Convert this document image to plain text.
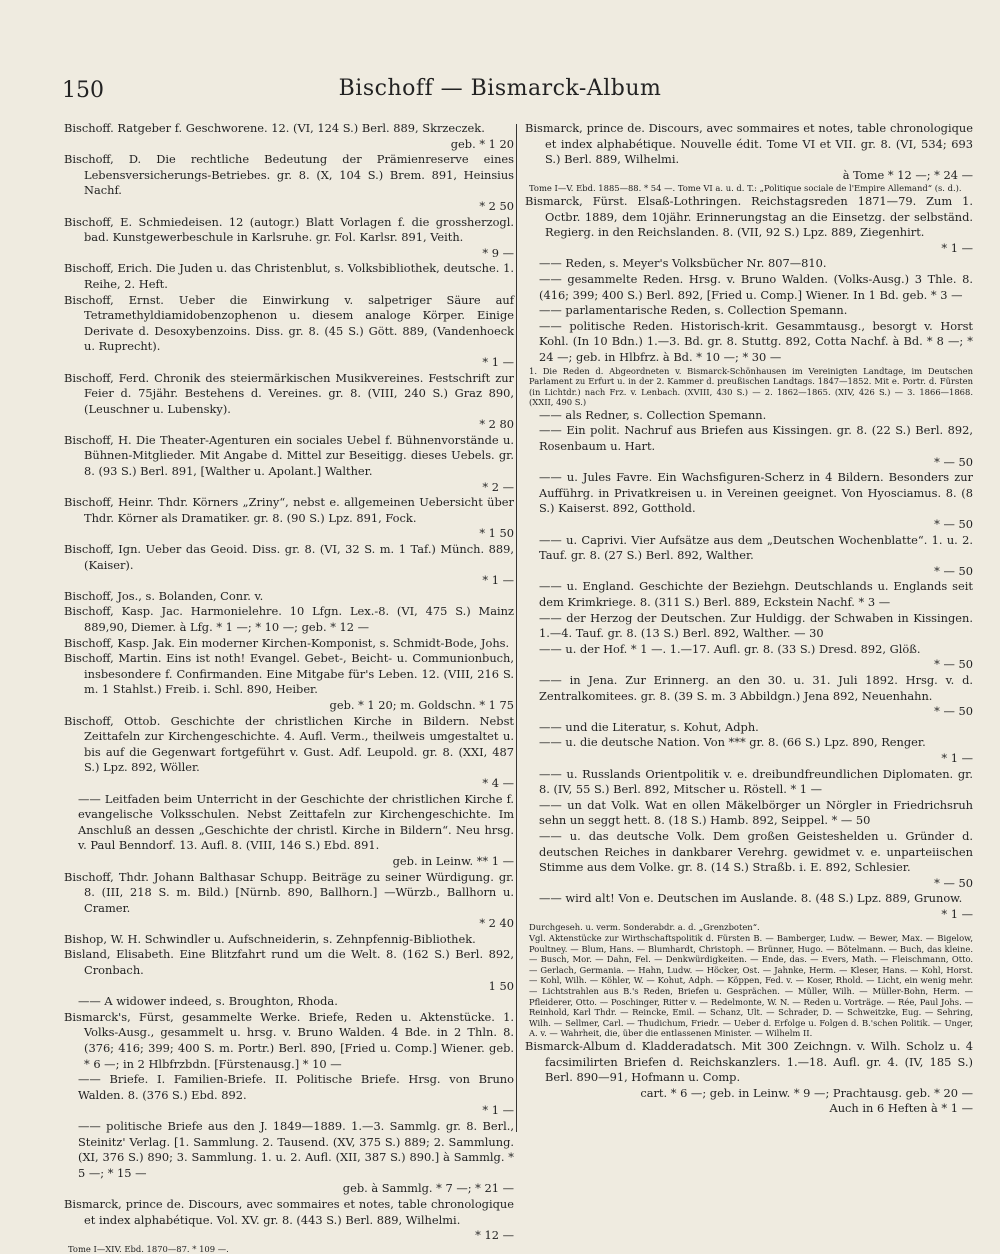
150	Bischoff — Bismarck-Album

Bischoff. Ratgeber f. Geschworene. 12. (VI, 124 S.) Berl. 889, Skrzeczek.
geb. * 1 20

Bischoff, D. Die rechtliche Bedeutung der Prämienreserve eines Lebensversicherungs-Betriebes. gr. 8. (X, 104 S.) Brem. 891, Heinsius Nachf.
* 2 50

Bischoff, E. Schmiedeisen. 12 (autogr.) Blatt Vorlagen f. die grossherzogl. bad. Kunstgewerbeschule in Karlsruhe. gr. Fol. Karlsr. 891, Veith.
* 9 —

Bischoff, Erich. Die Juden u. das Christenblut, s. Volksbibliothek, deutsche. 1. Reihe, 2. Heft.

Bischoff, Ernst. Ueber die Einwirkung v. salpetriger Säure auf Tetramethyldiamidobenzophenon u. diesem analoge Körper. Einige Derivate d. Desoxybenzoins. Diss. gr. 8. (45 S.) Gött. 889, (Vandenhoeck u. Ruprecht).
* 1 —

Bischoff, Ferd. Chronik des steiermärkischen Musikvereines. Festschrift zur Feier d. 75jähr. Bestehens d. Vereines. gr. 8. (VIII, 240 S.) Graz 890, (Leuschner u. Lubensky).
* 2 80

Bischoff, H. Die Theater-Agenturen ein sociales Uebel f. Bühnenvorstände u. Bühnen-Mitglieder. Mit Angabe d. Mittel zur Beseitigg. dieses Uebels. gr. 8. (93 S.) Berl. 891, [Walther u. Apolant.] Walther.
* 2 —

Bischoff, Heinr. Thdr. Körners „Zriny“, nebst e. allgemeinen Uebersicht über Thdr. Körner als Dramatiker. gr. 8. (90 S.) Lpz. 891, Fock.
* 1 50

Bischoff, Ign. Ueber das Geoid. Diss. gr. 8. (VI, 32 S. m. 1 Taf.) Münch. 889, (Kaiser).
* 1 —

Bischoff, Jos., s. Bolanden, Conr. v.

Bischoff, Kasp. Jac. Harmonielehre. 10 Lfgn. Lex.-8. (VI, 475 S.) Mainz 889,90, Diemer. à Lfg. * 1 —; * 10 —; geb. * 12 —

Bischoff, Kasp. Jak. Ein moderner Kirchen-Komponist, s. Schmidt-Bode, Johs.

Bischoff, Martin. Eins ist noth! Evangel. Gebet-, Beicht- u. Communionbuch, insbesondere f. Confirmanden. Eine Mitgabe für's Leben. 12. (VIII, 216 S. m. 1 Stahlst.) Freib. i. Schl. 890, Heiber.
geb. * 1 20; m. Goldschn. * 1 75

Bischoff, Ottob. Geschichte der christlichen Kirche in Bildern. Nebst Zeittafeln zur Kirchengeschichte. 4. Aufl. Verm., theilweis umgestaltet u. bis auf die Gegenwart fortgeführt v. Gust. Adf. Leupold. gr. 8. (XXI, 487 S.) Lpz. 892, Wöller.
* 4 —

—— Leitfaden beim Unterricht in der Geschichte der christlichen Kirche f. evangelische Volksschulen. Nebst Zeittafeln zur Kirchengeschichte. Im Anschluß an dessen „Geschichte der christl. Kirche in Bildern“. Neu hrsg. v. Paul Benndorf. 13. Aufl. 8. (VIII, 146 S.) Ebd. 891.
geb. in Leinw. ** 1 —

Bischoff, Thdr. Johann Balthasar Schupp. Beiträge zu seiner Würdigung. gr. 8. (III, 218 S. m. Bild.) [Nürnb. 890, Ballhorn.] —Würzb., Ballhorn u. Cramer.
* 2 40

Bishop, W. H. Schwindler u. Aufschneiderin, s. Zehnpfennig-Bibliothek.

Bisland, Elisabeth. Eine Blitzfahrt rund um die Welt. 8. (162 S.) Berl. 892, Cronbach.
1 50

—— A widower indeed, s. Broughton, Rhoda.

Bismarck's, Fürst, gesammelte Werke. Briefe, Reden u. Aktenstücke. 1. Volks-Ausg., gesammelt u. hrsg. v. Bruno Walden. 4 Bde. in 2 Thln. 8. (376; 416; 399; 400 S. m. Portr.) Berl. 890, [Fried u. Comp.] Wiener. geb. * 6 —; in 2 Hlbfrzbdn. [Fürstenausg.] * 10 —

—— Briefe. I. Familien-Briefe. II. Politische Briefe. Hrsg. von Bruno Walden. 8. (376 S.) Ebd. 892.
* 1 —

—— politische Briefe aus den J. 1849—1889. 1.—3. Sammlg. gr. 8. Berl., Steinitz' Verlag. [1. Sammlung. 2. Tausend. (XV, 375 S.) 889; 2. Sammlung. (XI, 376 S.) 890; 3. Sammlung. 1. u. 2. Aufl. (XII, 387 S.) 890.] à Sammlg. * 5 —; * 15 —
geb. à Sammlg. * 7 —; * 21 —

Bismarck, prince de. Discours, avec sommaires et notes, table chronologique et index alphabétique. Vol. XV. gr. 8. (443 S.) Berl. 889, Wilhelmi.
* 12 —

Tome I—XIV. Ebd. 1870—87. * 109 —.

Bismarck, prince de. Discours, avec sommaires et notes, table chronologique et index alphabétique. Nouvelle édit. Tome VI et VII. gr. 8. (VI, 534; 693 S.) Berl. 889, Wilhelmi.
à Tome * 12 —; * 24 —

Tome I—V. Ebd. 1885—88. * 54 —. Tome VI a. u. d. T.: „Politique sociale de l'Empire Allemand“ (s. d.).

Bismarck, Fürst. Elsaß-Lothringen. Reichstagsreden 1871—79. Zum 1. Octbr. 1889, dem 10jähr. Erinnerungstag an die Einsetzg. der selbständ. Regierg. in den Reichslanden. 8. (VII, 92 S.) Lpz. 889, Ziegenhirt.
* 1 —

—— Reden, s. Meyer's Volksbücher Nr. 807—810.

—— gesammelte Reden. Hrsg. v. Bruno Walden. (Volks-Ausg.) 3 Thle. 8. (416; 399; 400 S.) Berl. 892, [Fried u. Comp.] Wiener. In 1 Bd. geb. * 3 —

—— parlamentarische Reden, s. Collection Spemann.

—— politische Reden. Historisch-krit. Gesammtausg., besorgt v. Horst Kohl. (In 10 Bdn.) 1.—3. Bd. gr. 8. Stuttg. 892, Cotta Nachf. à Bd. * 8 —; * 24 —; geb. in Hlbfrz. à Bd. * 10 —; * 30 —

1. Die Reden d. Abgeordneten v. Bismarck-Schönhausen im Vereinigten Landtage, im Deutschen Parlament zu Erfurt u. in der 2. Kammer d. preußischen Landtags. 1847—1852. Mit e. Portr. d. Fürsten (in Lichtdr.) nach Frz. v. Lenbach. (XVIII, 430 S.) — 2. 1862—1865. (XIV, 426 S.) — 3. 1866—1868. (XXII, 490 S.)

—— als Redner, s. Collection Spemann.

—— Ein polit. Nachruf aus Briefen aus Kissingen. gr. 8. (22 S.) Berl. 892, Rosenbaum u. Hart.
* — 50

—— u. Jules Favre. Ein Wachsfiguren-Scherz in 4 Bildern. Besonders zur Aufführg. in Privatkreisen u. in Vereinen geeignet. Von Hyosciamus. 8. (8 S.) Kaiserst. 892, Gotthold.
* — 50

—— u. Caprivi. Vier Aufsätze aus dem „Deutschen Wochenblatte“. 1. u. 2. Tauf. gr. 8. (27 S.) Berl. 892, Walther.
* — 50

—— u. England. Geschichte der Beziehgn. Deutschlands u. Englands seit dem Krimkriege. 8. (311 S.) Berl. 889, Eckstein Nachf. * 3 —

—— der Herzog der Deutschen. Zur Huldigg. der Schwaben in Kissingen. 1.—4. Tauf. gr. 8. (13 S.) Berl. 892, Walther. — 30

—— u. der Hof. * 1 —. 1.—17. Aufl. gr. 8. (33 S.) Dresd. 892, Glöß.
* — 50

—— in Jena. Zur Erinnerg. an den 30. u. 31. Juli 1892. Hrsg. v. d. Zentralkomitees. gr. 8. (39 S. m. 3 Abbildgn.) Jena 892, Neuenhahn.
* — 50

—— und die Literatur, s. Kohut, Adph.

—— u. die deutsche Nation. Von *** gr. 8. (66 S.) Lpz. 890, Renger.
* 1 —

—— u. Russlands Orientpolitik v. e. dreibundfreundlichen Diplomaten. gr. 8. (IV, 55 S.) Berl. 892, Mitscher u. Röstell. * 1 —

—— un dat Volk. Wat en ollen Mäkelbörger un Nörgler in Friedrichsruh sehn un seggt hett. 8. (18 S.) Hamb. 892, Seippel. * — 50

—— u. das deutsche Volk. Dem großen Geisteshelden u. Gründer d. deutschen Reiches in dankbarer Verehrg. gewidmet v. e. unparteiischen Stimme aus dem Volke. gr. 8. (14 S.) Straßb. i. E. 892, Schlesier.
* — 50

—— wird alt! Von e. Deutschen im Auslande. 8. (48 S.) Lpz. 889, Grunow.
* 1 —

Durchgeseh. u. verm. Sonderabdr. a. d. „Grenzboten“.

Vgl. Aktenstücke zur Wirthschaftspolitik d. Fürsten B. — Bamberger, Ludw. — Bewer, Max. — Bigelow, Poultney. — Blum, Hans. — Blumhardt, Christoph. — Brünner, Hugo. — Bötelmann. — Buch, das kleine. — Busch, Mor. — Dahn, Fel. — Denkwürdigkeiten. — Ende, das. — Evers, Math. — Fleischmann, Otto. — Gerlach, Germania. — Hahn, Ludw. — Höcker, Ost. — Jahnke, Herm. — Kleser, Hans. — Kohl, Horst. — Kohl, Wilh. — Köhler, W. — Kohut, Adph. — Köppen, Fed. v. — Koser, Rhold. — Licht, ein wenig mehr. — Lichtstrahlen aus B.'s Reden, Briefen u. Gesprächen. — Müller, Wilh. — Müller-Bohn, Herm. — Pfleiderer, Otto. — Poschinger, Ritter v. — Redelmonte, W. N. — Reden u. Vorträge. — Rée, Paul Johs. — Reinhold, Karl Thdr. — Reincke, Emil. — Schanz, Ult. — Schrader, D. — Schweitzke, Eug. — Sehring, Wilh. — Sellmer, Carl. — Thudichum, Friedr. — Ueber d. Erfolge u. Folgen d. B.'schen Politik. — Unger, A. v. — Wahrheit, die, über die entlassenen Minister. — Wilhelm II.

Bismarck-Album d. Kladderadatsch. Mit 300 Zeichngn. v. Wilh. Scholz u. 4 facsimilirten Briefen d. Reichskanzlers. 1.—18. Aufl. gr. 4. (IV, 185 S.) Berl. 890—91, Hofmann u. Comp.
cart. * 6 —; geb. in Leinw. * 9 —; Prachtausg. geb. * 20 —

Auch in 6 Heften à * 1 —
